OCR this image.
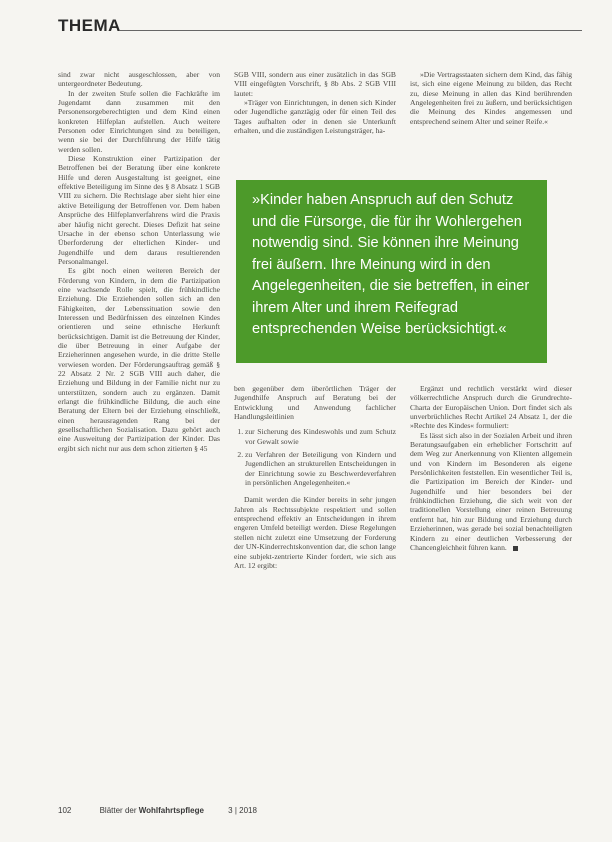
THEMA

sind zwar nicht ausgeschlossen, aber von untergeordneter Bedeutung.

In der zweiten Stufe sollen die Fachkräfte im Jugendamt dann zusammen mit den Personensorgeberechtigten und dem Kind einen konkreten Hilfeplan aufstellen. Auch weitere Personen oder Einrichtungen sind zu beteiligen, wenn sie bei der Durchführung der Hilfe tätig werden sollen.

Diese Konstruktion einer Partizipation der Betroffenen bei der Beratung über eine konkrete Hilfe und deren Ausgestaltung ist geeignet, eine effektive Beteiligung im Sinne des § 8 Absatz 1 SGB VIII zu sichern. Die Rechtslage aber sieht hier eine aktive Beteiligung der Betroffenen vor. Dem haben Ansprüche des Hilfeplanverfahrens wird die Praxis aber häufig nicht gerecht. Dieses Defizit hat seine Ursache in der ebenso schon Unterlassung wie Überforderung der elterlichen Kinder- und Jugendhilfe und dem daraus resultierenden Personalmangel.

Es gibt noch einen weiteren Bereich der Förderung von Kindern, in dem die Partizipation eine wachsende Rolle spielt, die frühkindliche Erziehung. Die Erziehenden sollen sich an den Fähigkeiten, der Lebenssituation sowie den Interessen und Bedürfnissen des einzelnen Kindes orientieren und seine ethnische Herkunft berücksichtigen. Damit ist die Betreuung der Kinder, die über Betreuung in einer Aufgabe der Erzieherinnen angesehen wurde, in die dritte Stelle verwiesen worden. Der Förderungsauftrag gemäß § 22 Absatz 2 Nr. 2 SGB VIII auch daher, die Erziehung und Bildung in der Familie nicht nur zu unterstützen, sondern auch zu ergänzen. Damit erlangt die frühkindliche Bildung, die auch eine Beratung der Eltern bei der Erziehung einschließt, einen herausragenden Rang bei der gesellschaftlichen Sozialisation. Dazu gehört auch eine Ausweitung der Partizipation der Kinder. Das ergibt sich nicht nur aus dem schon zitierten § 45

SGB VIII, sondern aus einer zusätzlich in das SGB VIII eingefügten Vorschrift, § 8b Abs. 2 SGB VIII lautet:

»Träger von Einrichtungen, in denen sich Kinder oder Jugendliche ganztägig oder für einen Teil des Tages aufhalten oder in denen sie Unterkunft erhalten, und die zuständigen Leistungsträger, ha-

»Die Vertragsstaaten sichern dem Kind, das fähig ist, sich eine eigene Meinung zu bilden, das Recht zu, diese Meinung in allen das Kind berührenden Angelegenheiten frei zu äußern, und berücksichtigen die Meinung des Kindes angemessen und entsprechend seinem Alter und seiner Reife.«

»Kinder haben Anspruch auf den Schutz und die Fürsorge, die für ihr Wohlergehen notwendig sind. Sie können ihre Meinung frei äußern. Ihre Meinung wird in den Angelegenheiten, die sie betreffen, in einer ihrem Alter und ihrem Reifegrad entsprechenden Weise berücksichtigt.«

ben gegenüber dem überörtlichen Träger der Jugendhilfe Anspruch auf Beratung bei der Entwicklung und Anwendung fachlicher Handlungsleitlinien

1. zur Sicherung des Kindeswohls und zum Schutz vor Gewalt sowie
2. zu Verfahren der Beteiligung von Kindern und Jugendlichen an strukturellen Entscheidungen in der Einrichtung sowie zu Beschwerdeverfahren in persönlichen Angelegenheiten.«

Damit werden die Kinder bereits in sehr jungen Jahren als Rechtssubjekte respektiert und sollen entsprechend effektiv an Entscheidungen in ihrem engeren Umfeld beteiligt werden. Diese Regelungen stellen nicht zuletzt eine Umsetzung der Forderung der UN-Kinderrechtskonvention dar, die schon lange eine subjekt-zentrierte Kinder fordert, wie sich aus Art. 12 ergibt:

Ergänzt und rechtlich verstärkt wird dieser völkerrechtliche Anspruch durch die Grundrechte-Charta der Europäischen Union. Dort findet sich als unverbrüchliches Recht Artikel 24 Absatz 1, der die »Rechte des Kindes« formuliert:

Es lässt sich also in der Sozialen Arbeit und ihren Beratungsaufgaben ein erheblicher Fortschritt auf dem Weg zur Anerkennung von Klienten allgemein und von Kindern im Besonderen als eigene Persönlichkeiten feststellen. Ein wesentlicher Teil is, die Partizipation im Bereich der Kinder- und Jugendhilfe und hier besonders bei der frühkindlichen Erziehung, die sich weit von der traditionellen Vorstellung einer reinen Betreuung entfernt hat, hin zur Bildung und Erziehung durch Erzieherinnen, was gerade bei sozial benachteiligten Kindern zu einer deutlichen Verbesserung der Chancengleichheit führen kann.

102	Blätter der Wohlfahrtspflege	3 | 2018
